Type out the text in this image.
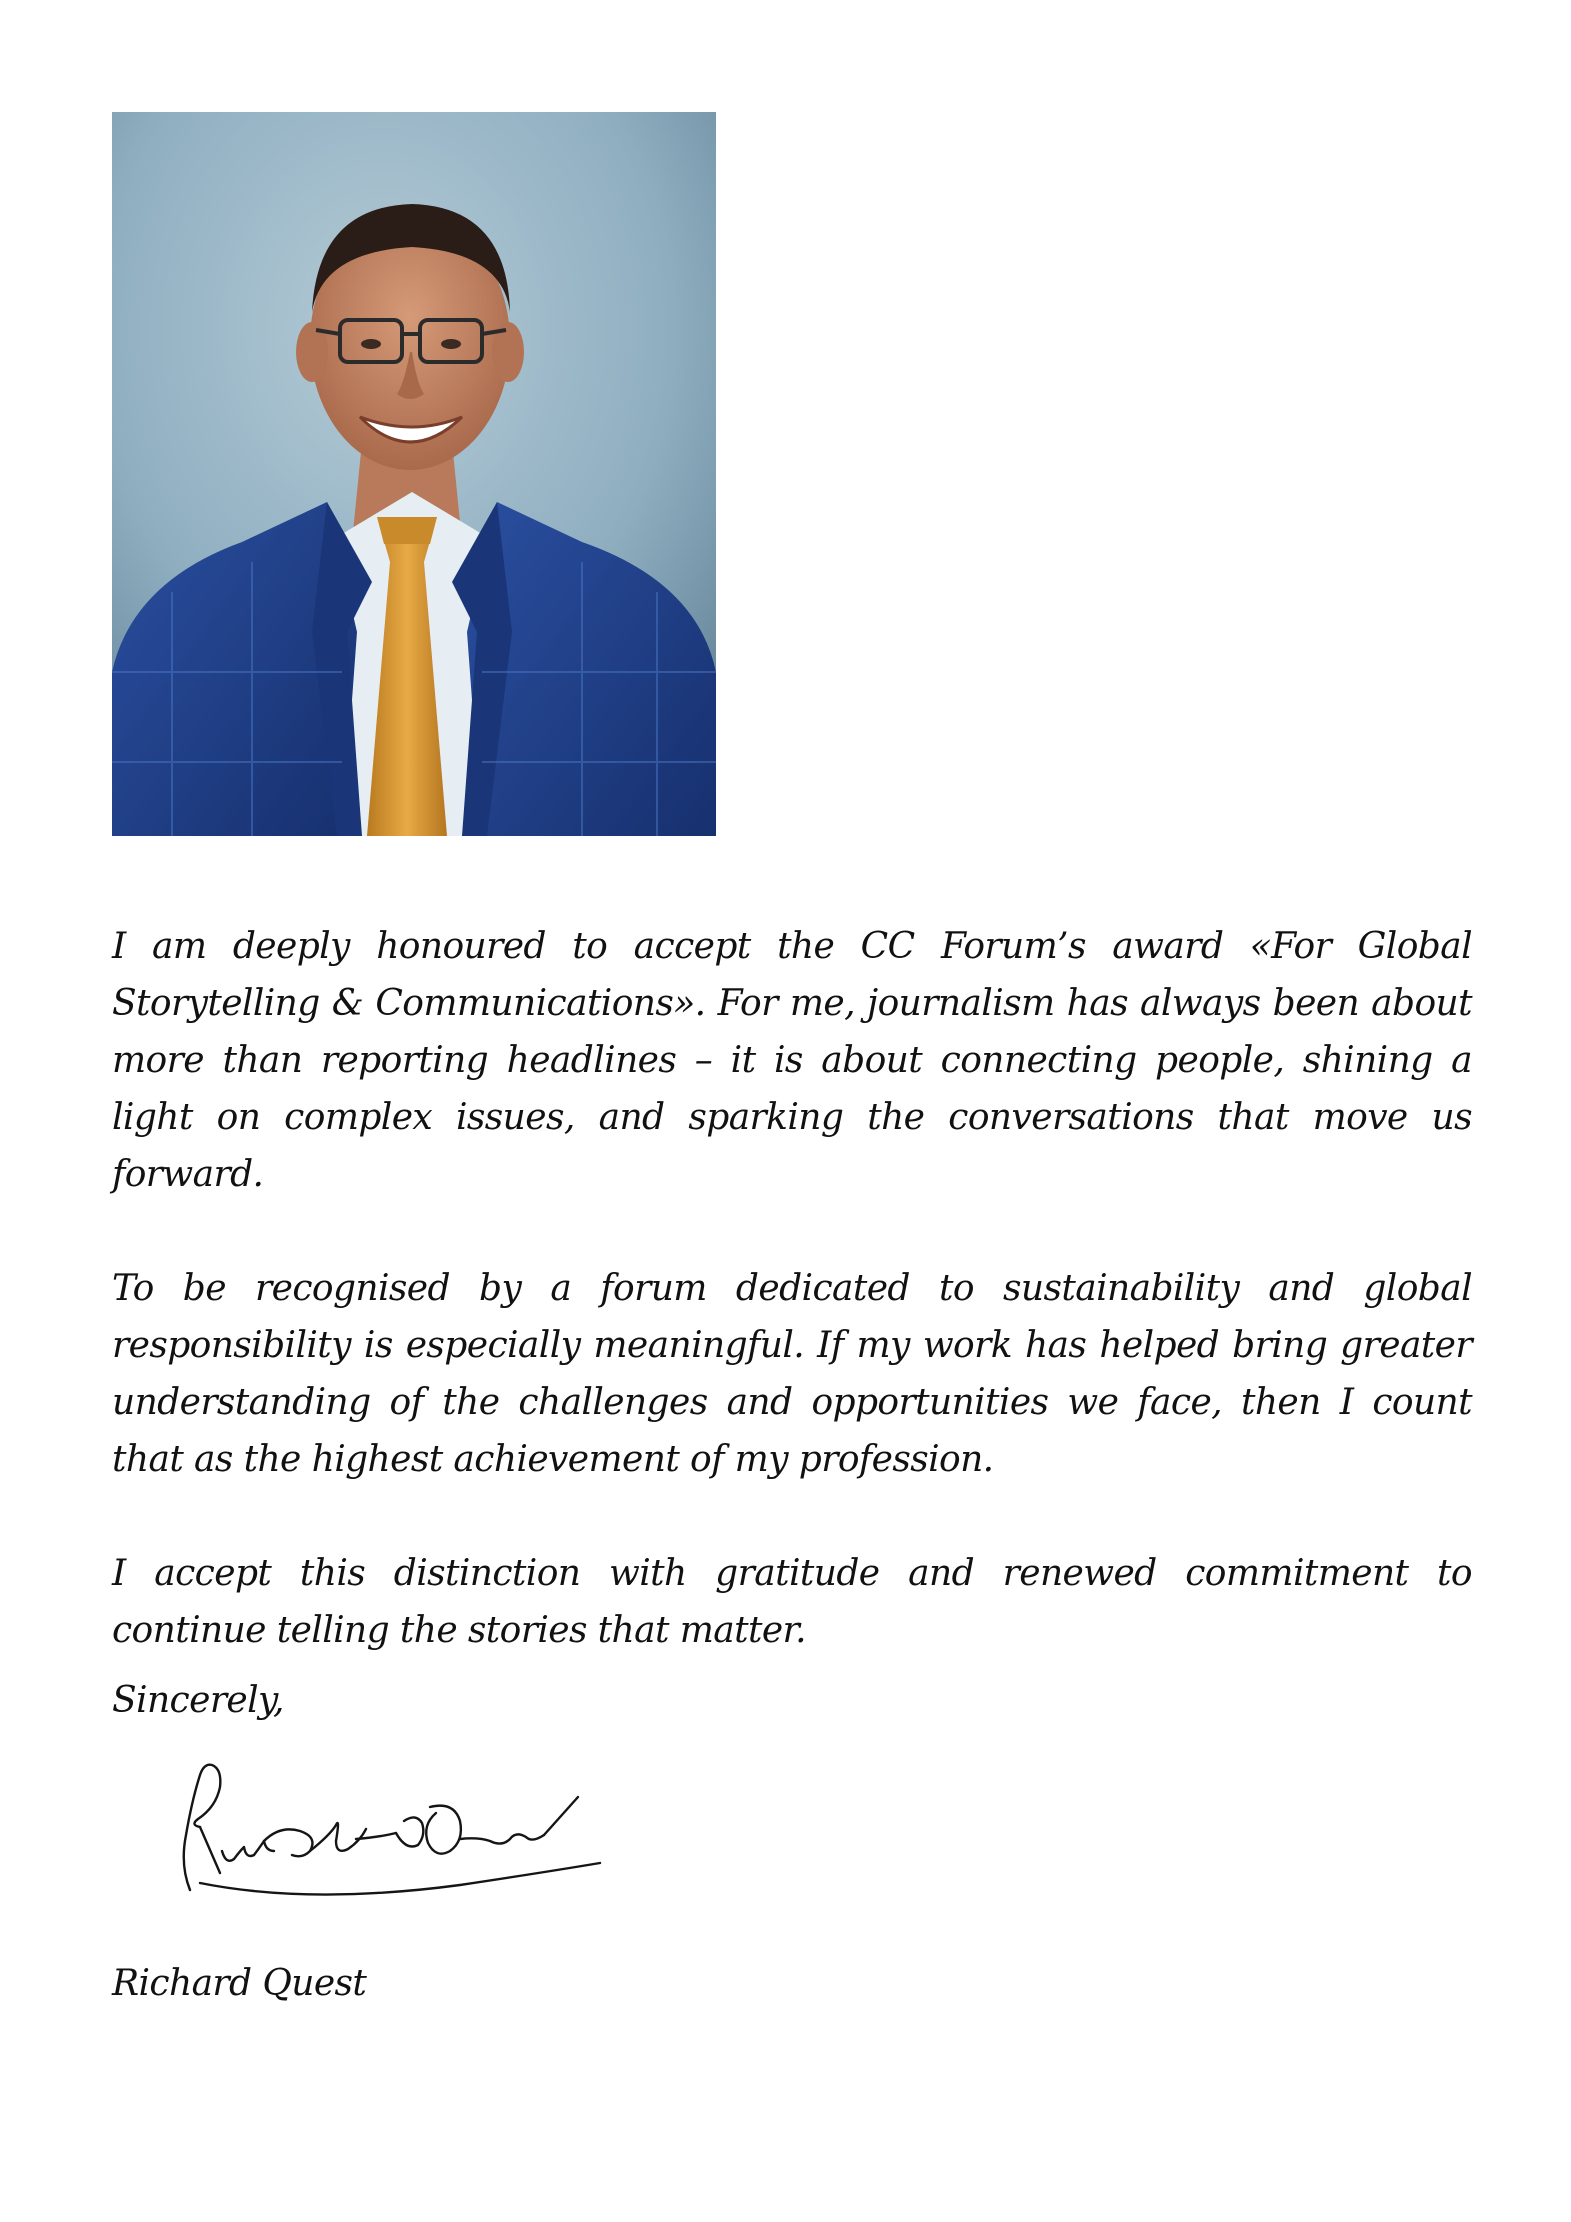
I am deeply honoured to accept the CC Forum’s award «For Global Storytelling & Communications». For me, journalism has always been about more than reporting headlines – it is about connecting people, shining a light on complex issues, and sparking the conversations that move us forward.

To be recognised by a forum dedicated to sustainability and global responsibility is especially meaningful. If my work has helped bring greater understanding of the challenges and opportunities we face, then I count that as the highest achievement of my profession.

I accept this distinction with gratitude and renewed commitment to continue telling the stories that matter.

Sincerely,
Richard Quest
